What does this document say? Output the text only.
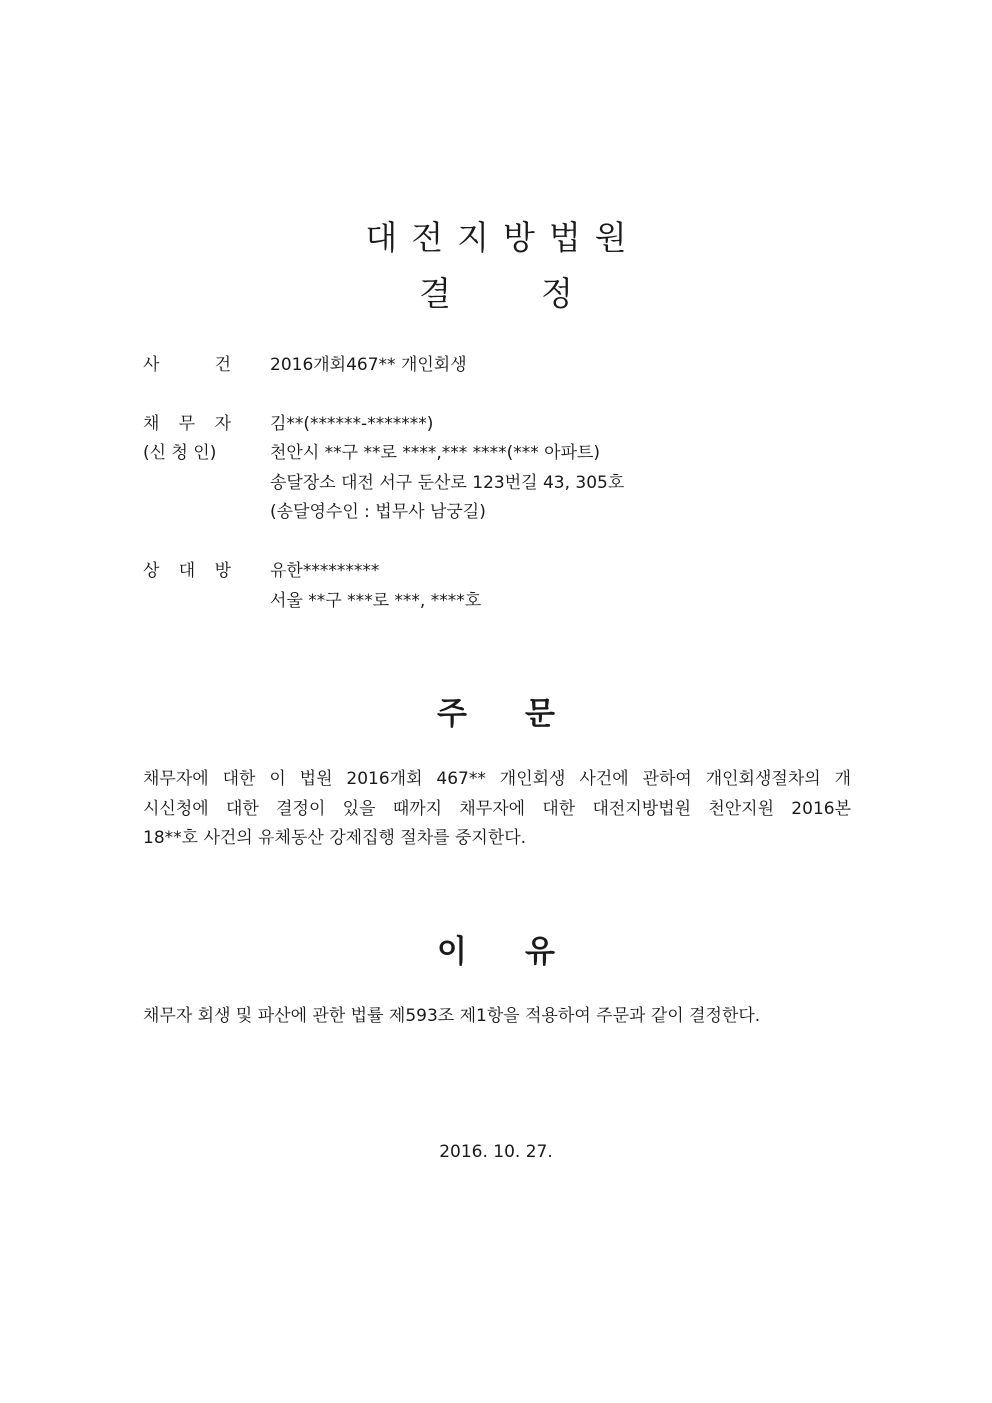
대전지방법원
결	정
사	건 2016개회467** 개인회생
채 무 자 김**(******-*******)
(신 청 인)	천안시 **구 **로 ****,*** ****(*** 아파트)
송달장소 대전 서구 둔산로 123번길 43, 305호
(송달영수인 : 법무사 남궁길)
상 대 방 유한*********
서울 **구 ***로 ***, ****호
주 문
채무자에 대한 이 법원 2016개회 467** 개인회생 사건에 관하여 개인회생절차의 개
시신청에 대한 결정이 있을 때까지 채무자에 대한 대전지방법원 천안지원 2016본
18**호 사건의 유체동산 강제집행 절차를 중지한다.
이 유
채무자 회생 및 파산에 관한 법률 제593조 제1항을 적용하여 주문과 같이 결정한다.
2016. 10. 27.
